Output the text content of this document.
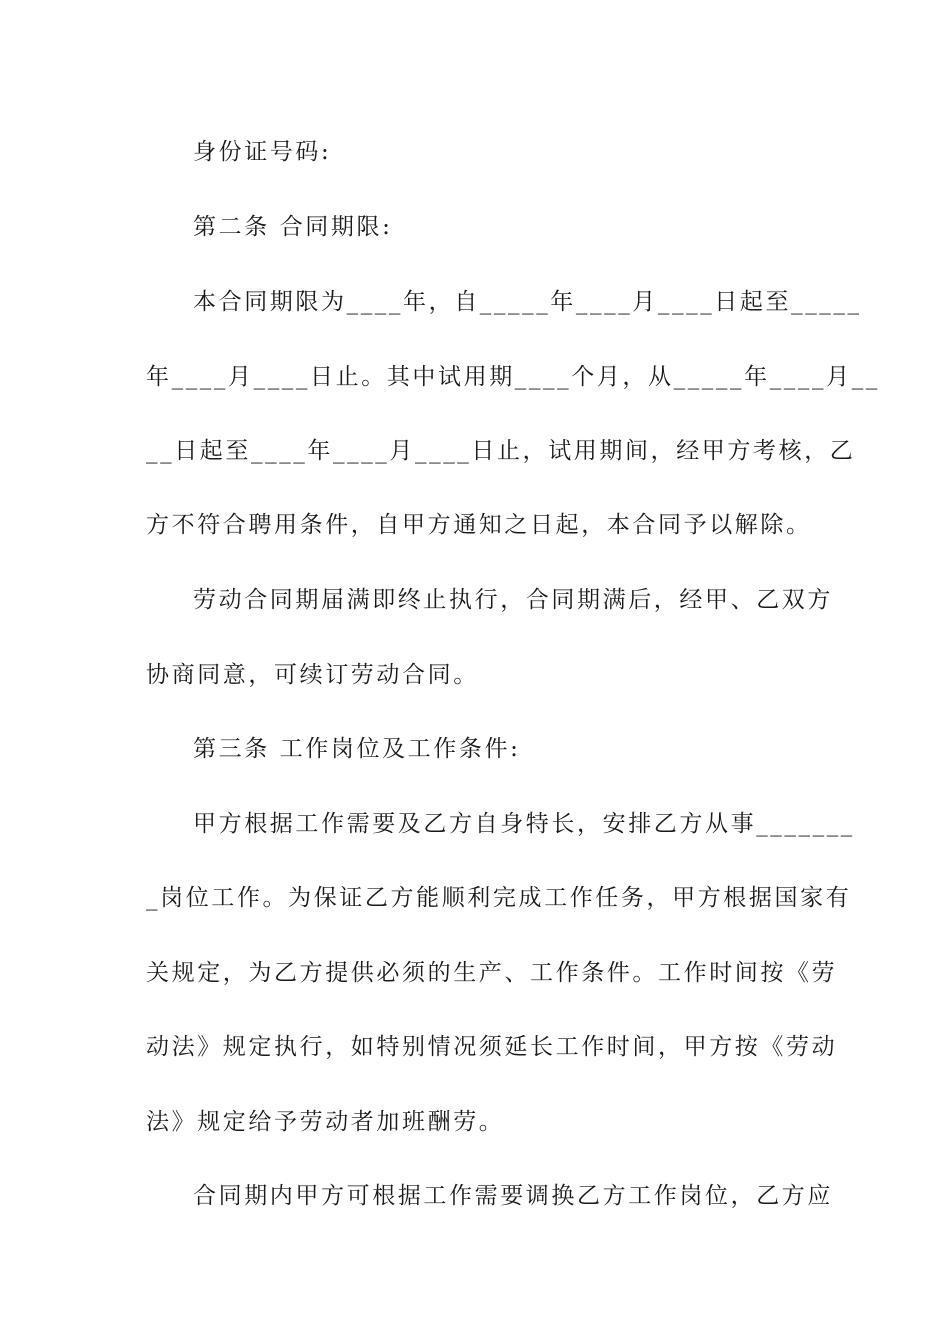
身份证号码:
第二条 合同期限:
本合同期限为____年，自_____年____月____日起至_____
年____月____日止。其中试用期____个月，从_____年____月__
__日起至____年____月____日止，试用期间，经甲方考核，乙
方不符合聘用条件，自甲方通知之日起，本合同予以解除。
劳动合同期届满即终止执行，合同期满后，经甲、乙双方
协商同意，可续订劳动合同。
第三条 工作岗位及工作条件:
甲方根据工作需要及乙方自身特长，安排乙方从事_______
_岗位工作。为保证乙方能顺利完成工作任务，甲方根据国家有
关规定，为乙方提供必须的生产、工作条件。工作时间按《劳
动法》规定执行，如特别情况须延长工作时间，甲方按《劳动
法》规定给予劳动者加班酬劳。
合同期内甲方可根据工作需要调换乙方工作岗位，乙方应
